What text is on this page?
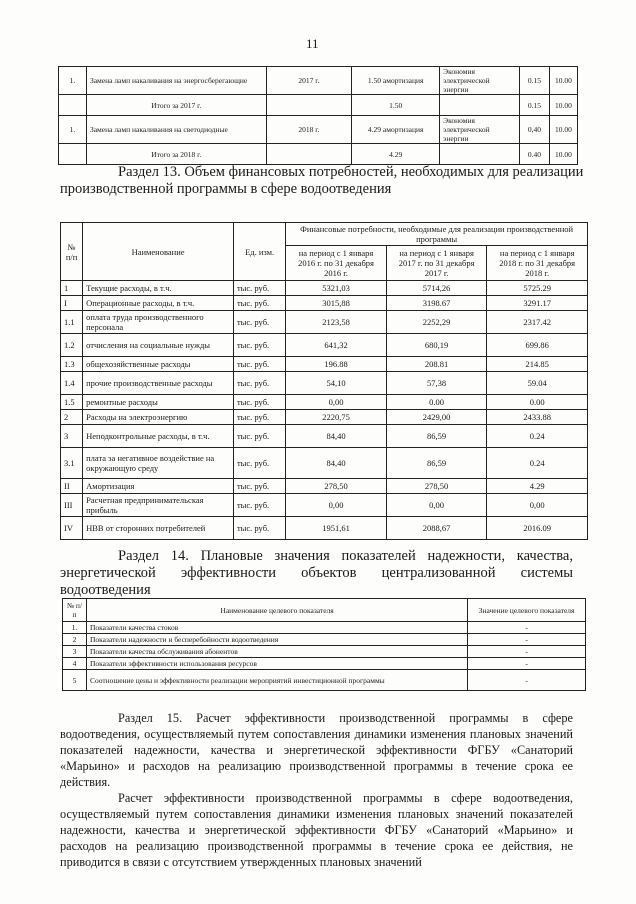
11
1.	Замена ламп накаливания на энергосберегающие	2017 г.	1.50 амортизация	Экономия электрической энергии	0.15	10.00
	Итого за 2017 г.		1.50		0.15	10.00
1.	Замена ламп накаливания на светодиодные	2018 г.	4.29 амортизация	Экономия электрической энергии	0,40	10.00
	Итого за 2018 г.		4.29		0.40	10.00
Раздел 13. Объем финансовых потребностей, необходимых для реализации
производственной программы в сфере водоотведения
№ п/п	Наименование	Ед. изм.	Финансовые потребности, необходимые для реализации производственной программы		
			на период с 1 января 2016 г. по 31 декабря 2016 г.	на период с 1 января 2017 г. по 31 декабря 2017 г.	на период с 1 января 2018 г. по 31 декабря 2018 г.
1	Текущие расходы, в т.ч.	тыс. руб.	5321,03	5714,26	5725.29
I	Операционные расходы, в т.ч.	тыс. руб.	3015,88	3198.67	3291.17
1.1	оплата труда производственного персонала	тыс. руб.	2123,58	2252,29	2317.42
1.2	отчисления на социальные нужды	тыс. руб.	641,32	680,19	699.86
1.3	общехозяйственные расходы	тыс. руб.	196.88	208.81	214.85
1.4	прочие производственные расходы	тыс. руб.	54,10	57,38	59.04
1.5	ремонтные расходы	тыс. руб.	0,00	0.00	0.00
2	Расходы на электроэнергию	тыс. руб.	2220,75	2429,00	2433.88
3	Неподконтрольные расходы, в т.ч.	тыс. руб.	84,40	86,59	0.24
3.1	плата за негативное воздействие на окружающую среду	тыс. руб.	84,40	86,59	0.24
II	Амортизация	тыс. руб.	278,50	278,50	4.29
III	Расчетная предпринимательская прибыль	тыс. руб.	0,00	0,00	0,00
IV	НВВ от сторонних потребителей	тыс. руб.	1951,61	2088,67	2016.09
Раздел 14. Плановые значения показателей надежности, качества,
энергетической эффективности объектов централизованной системы
водоотведения
№ п/п	Наименование целевого показателя	Значение целевого показателя
1.	Показатели качества стоков	-
2	Показатели надежности и бесперебойности водоотведения	-
3	Показатели качества обслуживания абонентов	-
4	Показатели эффективности использования ресурсов	-
5	Соотношение цены и эффективности реализации мероприятий инвестиционной программы	-
Раздел 15. Расчет эффективности производственной программы в сфере водоотведения, осуществляемый путем сопоставления динамики изменения плановых значений показателей надежности, качества и энергетической эффективности ФГБУ «Санаторий «Марьино» и расходов на реализацию производственной программы в течение срока ее действия.
Расчет эффективности производственной программы в сфере водоотведения, осуществляемый путем сопоставления динамики изменения плановых значений показателей надежности, качества и энергетической эффективности ФГБУ «Санаторий «Марьино» и расходов на реализацию производственной программы в течение срока ее действия, не приводится в связи с отсутствием утвержденных плановых значений
